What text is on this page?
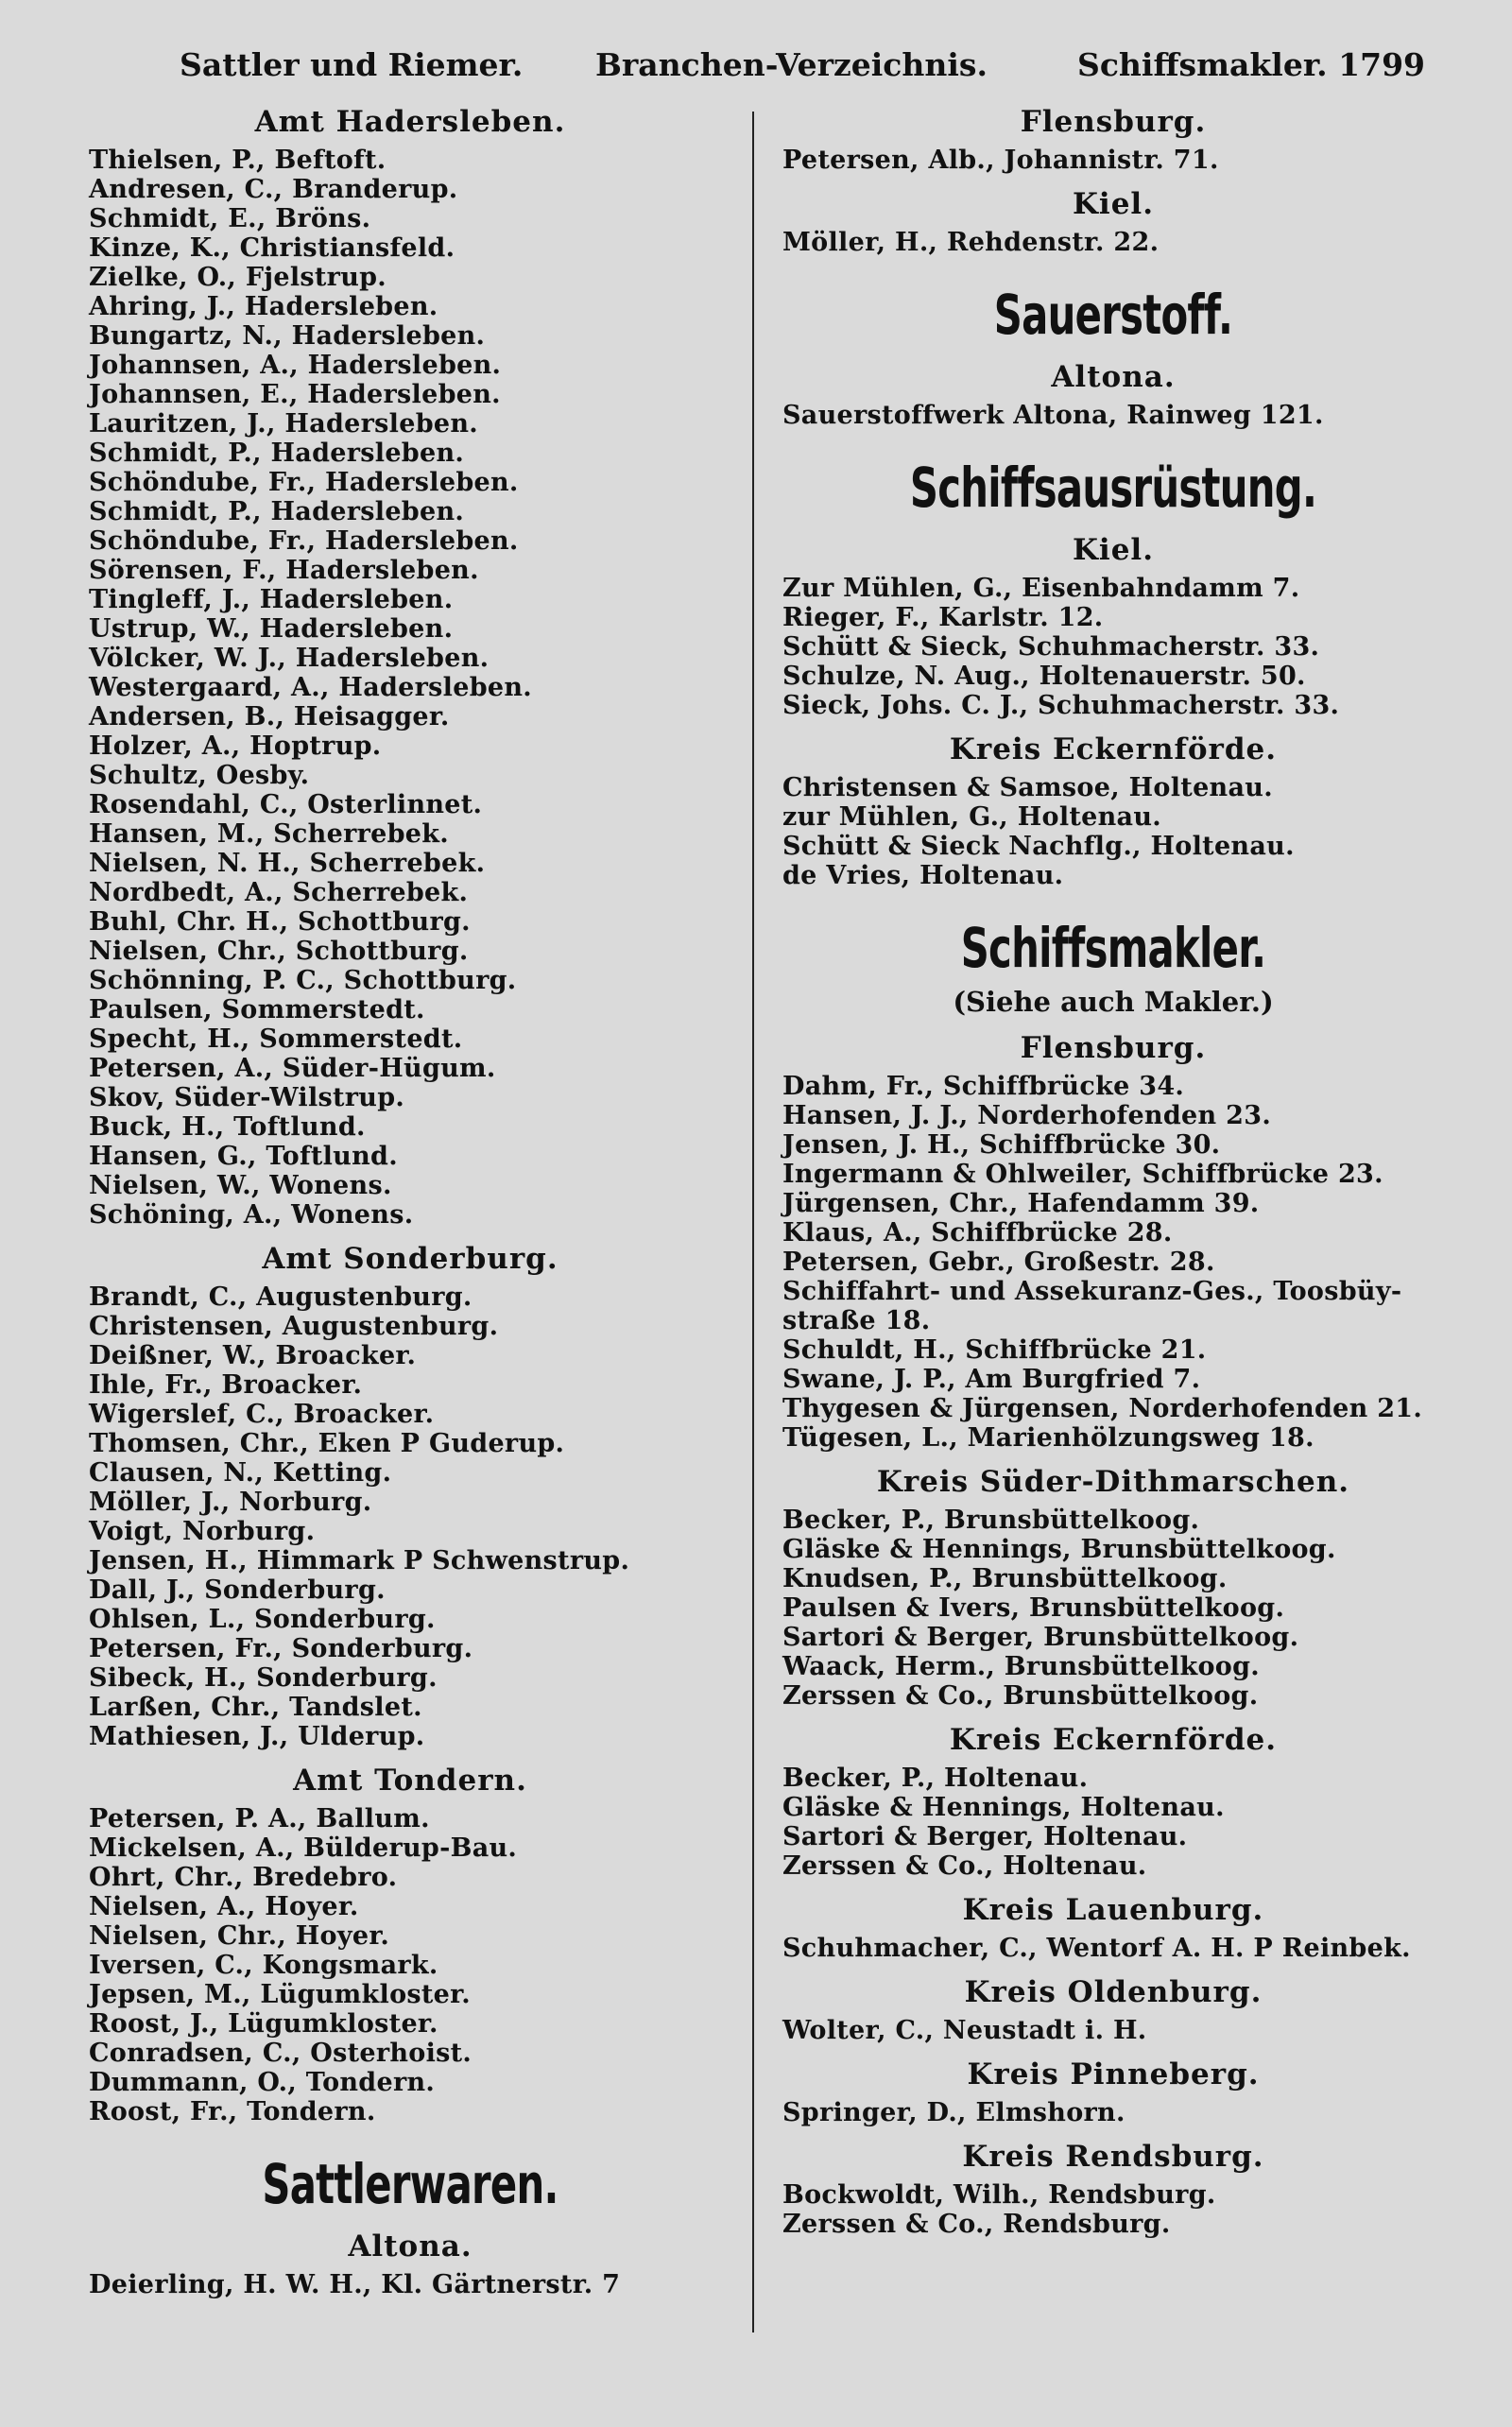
Sattler und Riemer. Branchen-Verzeichnis.	Schiffsmakler. 1799
Amt Hadersleben.
Thielsen, P., Beftoft.
Andresen, C., Branderup.
Schmidt, E., Bröns.
Kinze, K., Christiansfeld.
Zielke, O., Fjelstrup.
Ahring, J., Hadersleben.
Bungartz, N., Hadersleben.
Johannsen, A., Hadersleben.
Johannsen, E., Hadersleben.
Lauritzen, J., Hadersleben.
Schmidt, P., Hadersleben.
Schöndube, Fr., Hadersleben.
Schmidt, P., Hadersleben.
Schöndube, Fr., Hadersleben.
Sörensen, F., Hadersleben.
Tingleff, J., Hadersleben.
Ustrup, W., Hadersleben.
Völcker, W. J., Hadersleben.
Westergaard, A., Hadersleben.
Andersen, B., Heisagger.
Holzer, A., Hoptrup.
Schultz, Oesby.
Rosendahl, C., Osterlinnet.
Hansen, M., Scherrebek.
Nielsen, N. H., Scherrebek.
Nordbedt, A., Scherrebek.
Buhl, Chr. H., Schottburg.
Nielsen, Chr., Schottburg.
Schönning, P. C., Schottburg.
Paulsen, Sommerstedt.
Specht, H., Sommerstedt.
Petersen, A., Süder-Hügum.
Skov, Süder-Wilstrup.
Buck, H., Toftlund.
Hansen, G., Toftlund.
Nielsen, W., Wonens.
Schöning, A., Wonens.
Amt Sonderburg.
Brandt, C., Augustenburg.
Christensen, Augustenburg.
Deißner, W., Broacker.
Ihle, Fr., Broacker.
Wigerslef, C., Broacker.
Thomsen, Chr., Eken P Guderup.
Clausen, N., Ketting.
Möller, J., Norburg.
Voigt, Norburg.
Jensen, H., Himmark P Schwenstrup.
Dall, J., Sonderburg.
Ohlsen, L., Sonderburg.
Petersen, Fr., Sonderburg.
Sibeck, H., Sonderburg.
Larßen, Chr., Tandslet.
Mathiesen, J., Ulderup.
Amt Tondern.
Petersen, P. A., Ballum.
Mickelsen, A., Bülderup-Bau.
Ohrt, Chr., Bredebro.
Nielsen, A., Hoyer.
Nielsen, Chr., Hoyer.
Iversen, C., Kongsmark.
Jepsen, M., Lügumkloster.
Roost, J., Lügumkloster.
Conradsen, C., Osterhoist.
Dummann, O., Tondern.
Roost, Fr., Tondern.
Sattlerwaren.
Altona.
Deierling, H. W. H., Kl. Gärtnerstr. 7
Flensburg.
Petersen, Alb., Johannistr. 71.
Kiel.
Möller, H., Rehdenstr. 22.
Sauerstoff.
Altona.
Sauerstoffwerk Altona, Rainweg 121.
Schiffsausrüstung.
Kiel.
Zur Mühlen, G., Eisenbahndamm 7.
Rieger, F., Karlstr. 12.
Schütt & Sieck, Schuhmacherstr. 33.
Schulze, N. Aug., Holtenauerstr. 50.
Sieck, Johs. C. J., Schuhmacherstr. 33.
Kreis Eckernförde.
Christensen & Samsoe, Holtenau.
zur Mühlen, G., Holtenau.
Schütt & Sieck Nachflg., Holtenau.
de Vries, Holtenau.
Schiffsmakler.
(Siehe auch Makler.)
Flensburg.
Dahm, Fr., Schiffbrücke 34.
Hansen, J. J., Norderhofenden 23.
Jensen, J. H., Schiffbrücke 30.
Ingermann & Ohlweiler, Schiffbrücke 23.
Jürgensen, Chr., Hafendamm 39.
Klaus, A., Schiffbrücke 28.
Petersen, Gebr., Großestr. 28.
Schiffahrt- und Assekuranz-Ges., Toosbüy-
straße 18.
Schuldt, H., Schiffbrücke 21.
Swane, J. P., Am Burgfried 7.
Thygesen & Jürgensen, Norderhofenden 21.
Tügesen, L., Marienhölzungsweg 18.
Kreis Süder-Dithmarschen.
Becker, P., Brunsbüttelkoog.
Gläske & Hennings, Brunsbüttelkoog.
Knudsen, P., Brunsbüttelkoog.
Paulsen & Ivers, Brunsbüttelkoog.
Sartori & Berger, Brunsbüttelkoog.
Waack, Herm., Brunsbüttelkoog.
Zerssen & Co., Brunsbüttelkoog.
Kreis Eckernförde.
Becker, P., Holtenau.
Gläske & Hennings, Holtenau.
Sartori & Berger, Holtenau.
Zerssen & Co., Holtenau.
Kreis Lauenburg.
Schuhmacher, C., Wentorf A. H. P Reinbek.
Kreis Oldenburg.
Wolter, C., Neustadt i. H.
Kreis Pinneberg.
Springer, D., Elmshorn.
Kreis Rendsburg.
Bockwoldt, Wilh., Rendsburg.
Zerssen & Co., Rendsburg.
